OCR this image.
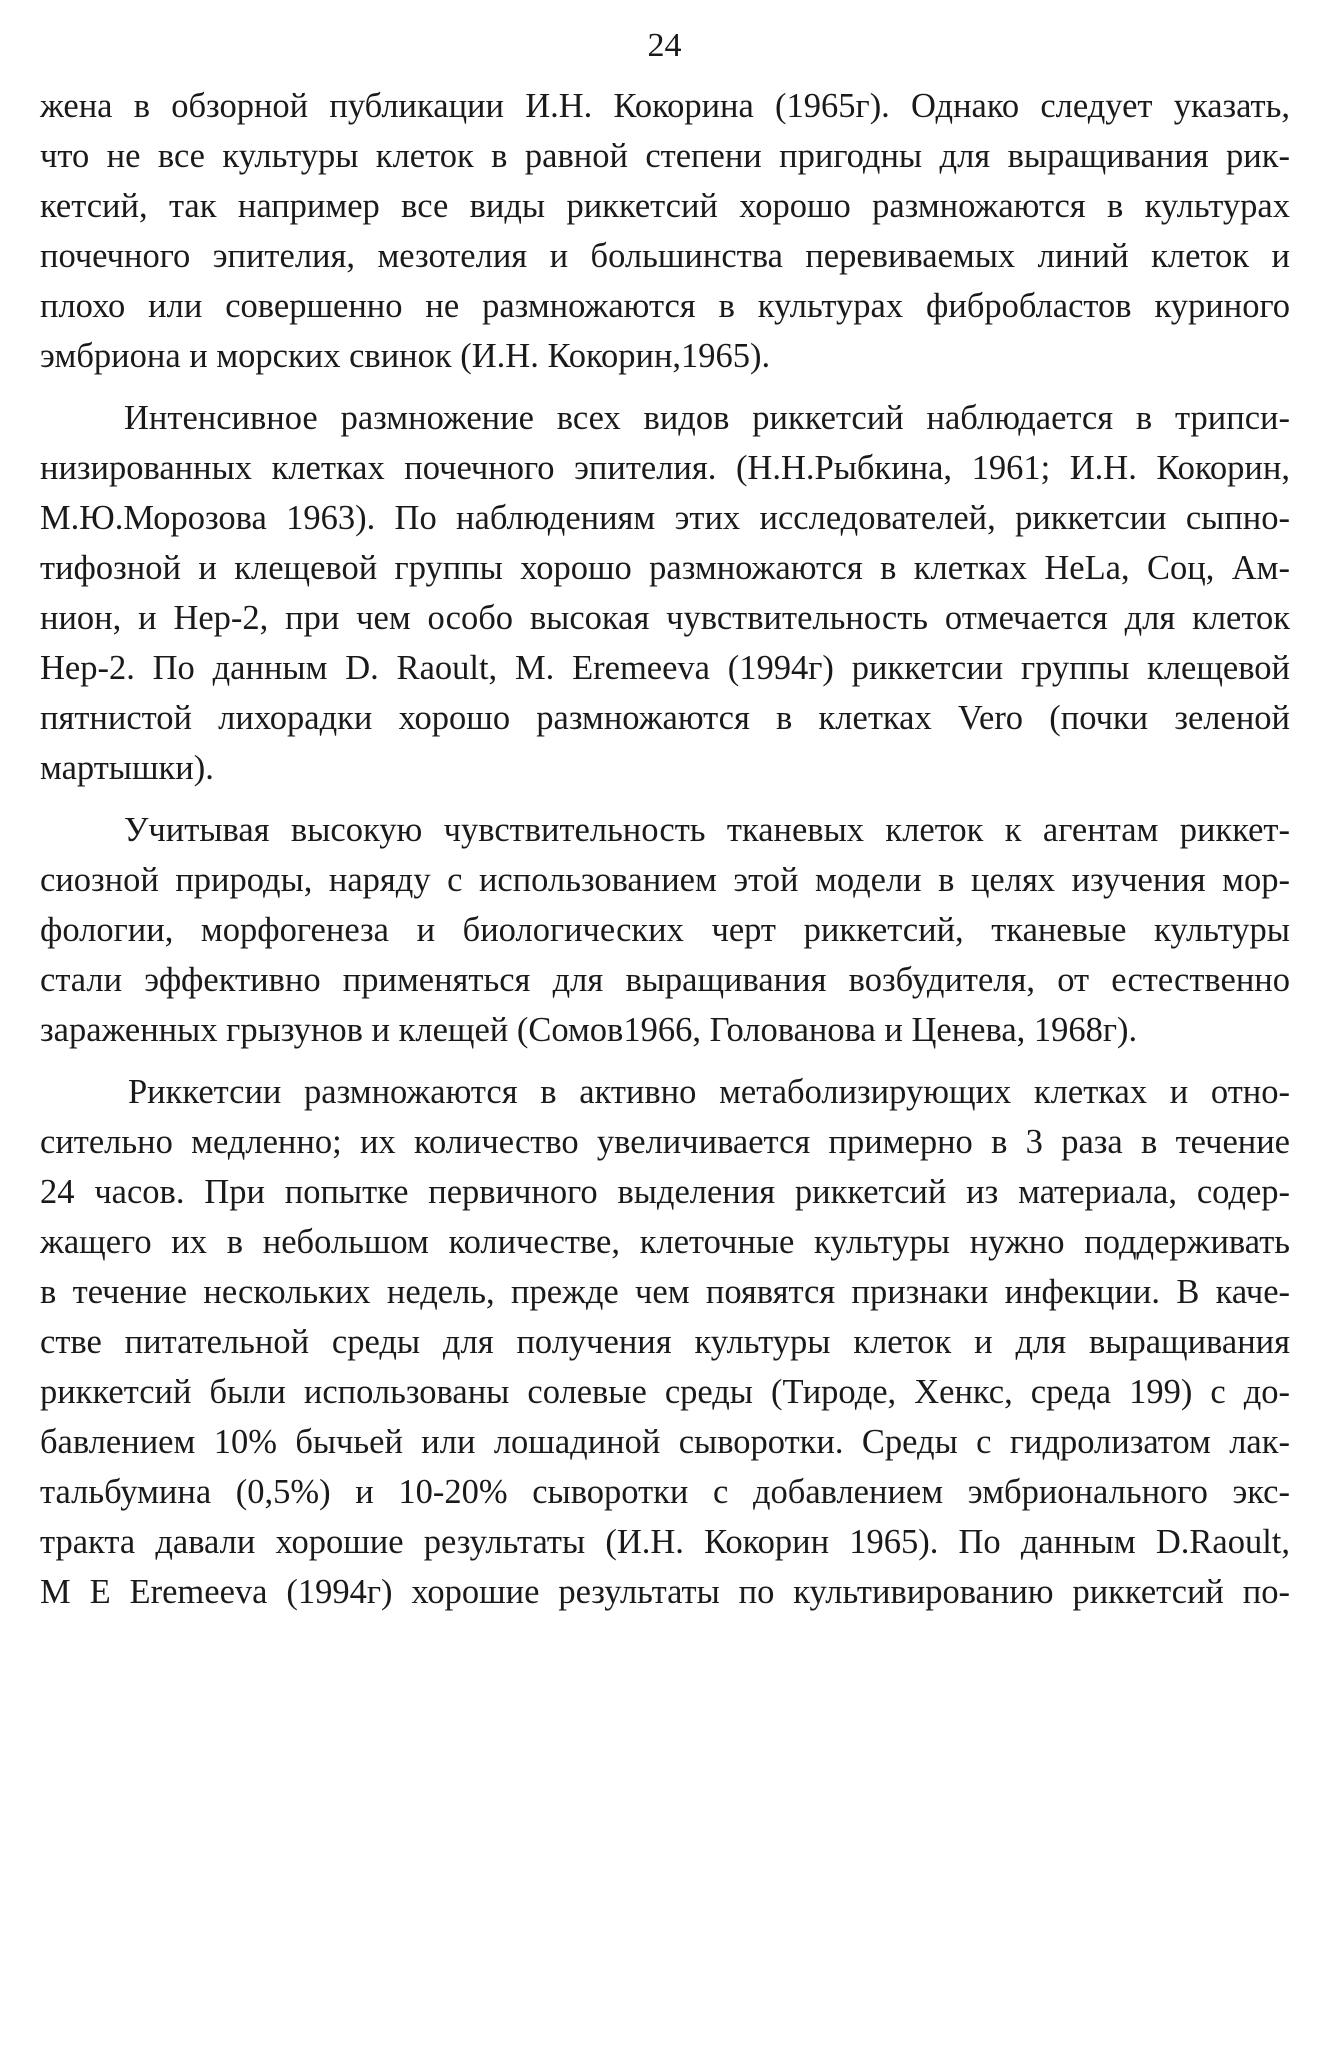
24
жена в обзорной публикации И.Н. Кокорина (1965г). Однако следует указать,
что не все культуры клеток в равной степени пригодны для выращивания рик-
кетсий, так например все виды риккетсий хорошо размножаются в культурах
почечного эпителия, мезотелия и большинства перевиваемых линий клеток и
плохо или совершенно не размножаются в культурах фибробластов куриного
эмбриона и морских свинок (И.Н. Кокорин,1965).
Интенсивное размножение всех видов риккетсий наблюдается в трипси-
низированных клетках почечного эпителия. (Н.Н.Рыбкина, 1961; И.Н. Кокорин,
М.Ю.Морозова 1963). По наблюдениям этих исследователей, риккетсии сыпно-
тифозной и клещевой группы хорошо размножаются в клетках HeLa, Соц, Ам-
нион, и Hep-2, при чем особо высокая чувствительность отмечается для клеток
Hep-2. По данным D. Raoult, M. Eremeeva (1994г) риккетсии группы клещевой
пятнистой лихорадки хорошо размножаются в клетках Vero (почки зеленой
мартышки).
Учитывая высокую чувствительность тканевых клеток к агентам риккет-
сиозной природы, наряду с использованием этой модели в целях изучения мор-
фологии, морфогенеза и биологических черт риккетсий, тканевые культуры
стали эффективно применяться для выращивания возбудителя, от естественно
зараженных грызунов и клещей (Сомов1966, Голованова и Ценева, 1968г).
Риккетсии размножаются в активно метаболизирующих клетках и отно-
сительно медленно; их количество увеличивается примерно в 3 раза в течение
24 часов. При попытке первичного выделения риккетсий из материала, содер-
жащего их в небольшом количестве, клеточные культуры нужно поддерживать
в течение нескольких недель, прежде чем появятся признаки инфекции. В каче-
стве питательной среды для получения культуры клеток и для выращивания
риккетсий были использованы солевые среды (Тироде, Хенкс, среда 199) с до-
бавлением 10% бычьей или лошадиной сыворотки. Среды с гидролизатом лак-
тальбумина (0,5%) и 10-20% сыворотки с добавлением эмбрионального экс-
тракта давали хорошие результаты (И.Н. Кокорин 1965). По данным D.Raoult,
М Е Eremeeva (1994г) хорошие результаты по культивированию риккетсий по-
